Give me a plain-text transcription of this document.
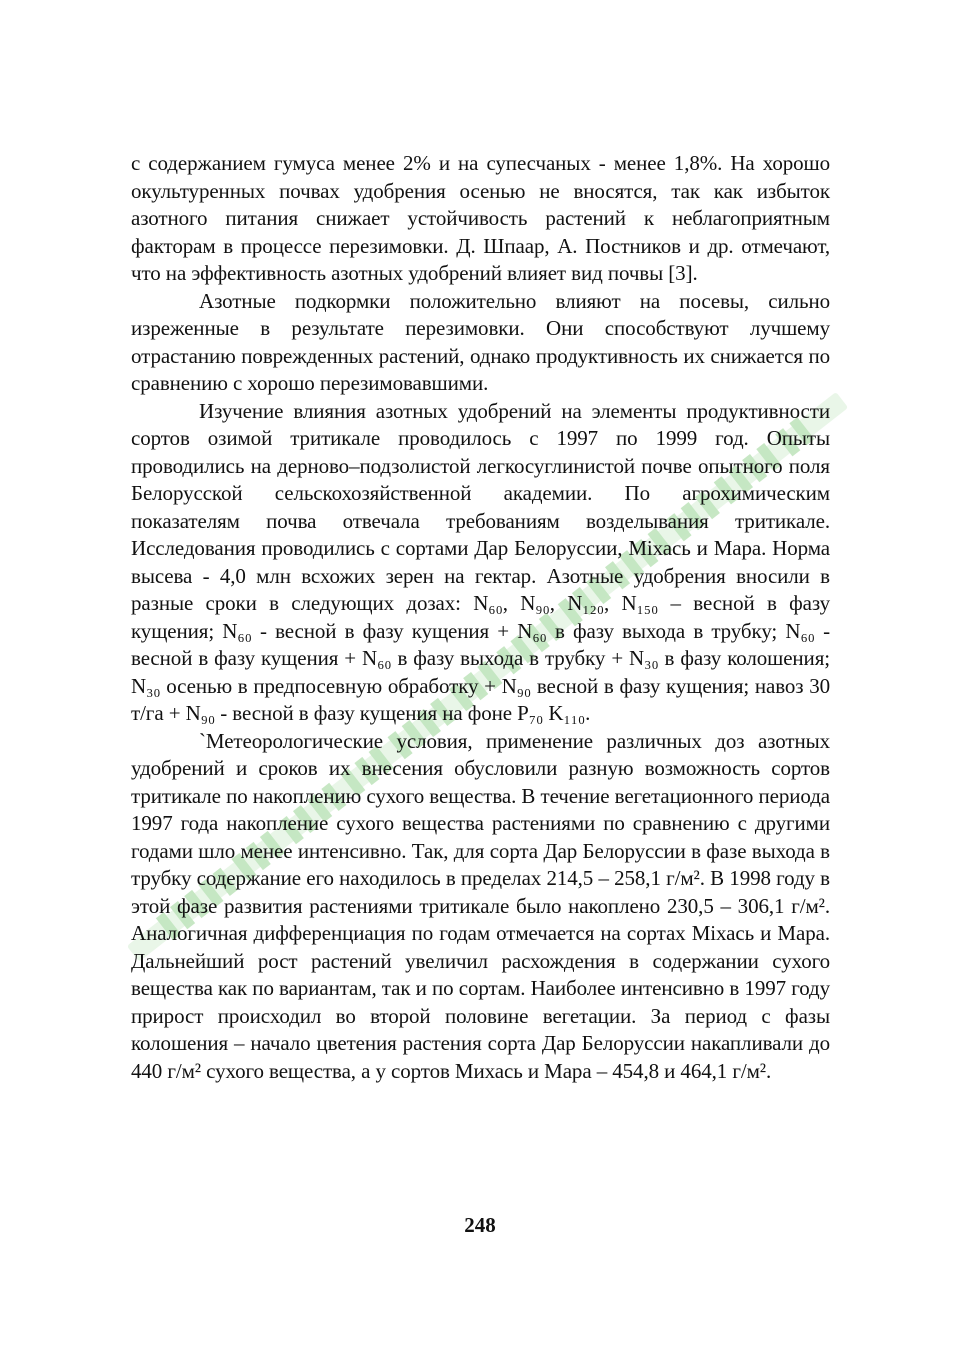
с содержанием гумуса менее 2% и на супесчаных - менее 1,8%. На хорошо окультуренных почвах удобрения осенью не вносятся, так как избыток азотного питания снижает устойчивость растений к неблагоприятным факторам в процессе перезимовки. Д. Шпаар, А. Постников и др. отмечают, что на эффективность азотных удобрений влияет вид почвы [3].

Азотные подкормки положительно влияют на посевы, сильно изреженные в результате перезимовки. Они способствуют лучшему отрастанию поврежденных растений, однако продуктивность их снижается по сравнению с хорошо перезимовавшими.

Изучение влияния азотных удобрений на элементы продуктивности сортов озимой тритикале проводилось с 1997 по 1999 год. Опыты проводились на дерново–подзолистой легкосуглинистой почве опытного поля Белорусской сельскохозяйственной академии. По агрохимическим показателям почва отвечала требованиям возделывания тритикале. Исследования проводились с сортами Дар Белоруссии, Міхась и Мара. Норма высева - 4,0 млн всхожих зерен на гектар. Азотные удобрения вносили в разные сроки в следующих дозах: N₆₀, N₉₀, N₁₂₀, N₁₅₀ – весной в фазу кущения; N₆₀ - весной в фазу кущения + N₆₀ в фазу выхода в трубку; N₆₀ - весной в фазу кущения + N₆₀ в фазу выхода в трубку + N₃₀ в фазу колошения; N₃₀ осенью в предпосевную обработку + N₉₀ весной в фазу кущения; навоз 30 т/га + N₉₀ - весной в фазу кущения на фоне P₇₀ K₁₁₀.

`Метеорологические условия, применение различных доз азотных удобрений и сроков их внесения обусловили разную возможность сортов тритикале по накоплению сухого вещества. В течение вегетационного периода 1997 года накопление сухого вещества растениями по сравнению с другими годами шло менее интенсивно. Так, для сорта Дар Белоруссии в фазе выхода в трубку содержание его находилось в пределах 214,5 – 258,1 г/м². В 1998 году в этой фазе развития растениями тритикале было накоплено 230,5 – 306,1 г/м². Аналогичная дифференциация по годам отмечается на сортах Міхась и Мара. Дальнейший рост растений увеличил расхождения в содержании сухого вещества как по вариантам, так и по сортам. Наиболее интенсивно в 1997 году прирост происходил во второй половине вегетации. За период с фазы колошения – начало цветения растения сорта Дар Белоруссии накапливали до 440 г/м² сухого вещества, а у сортов Михась и Мара – 454,8 и 464,1 г/м².

248
